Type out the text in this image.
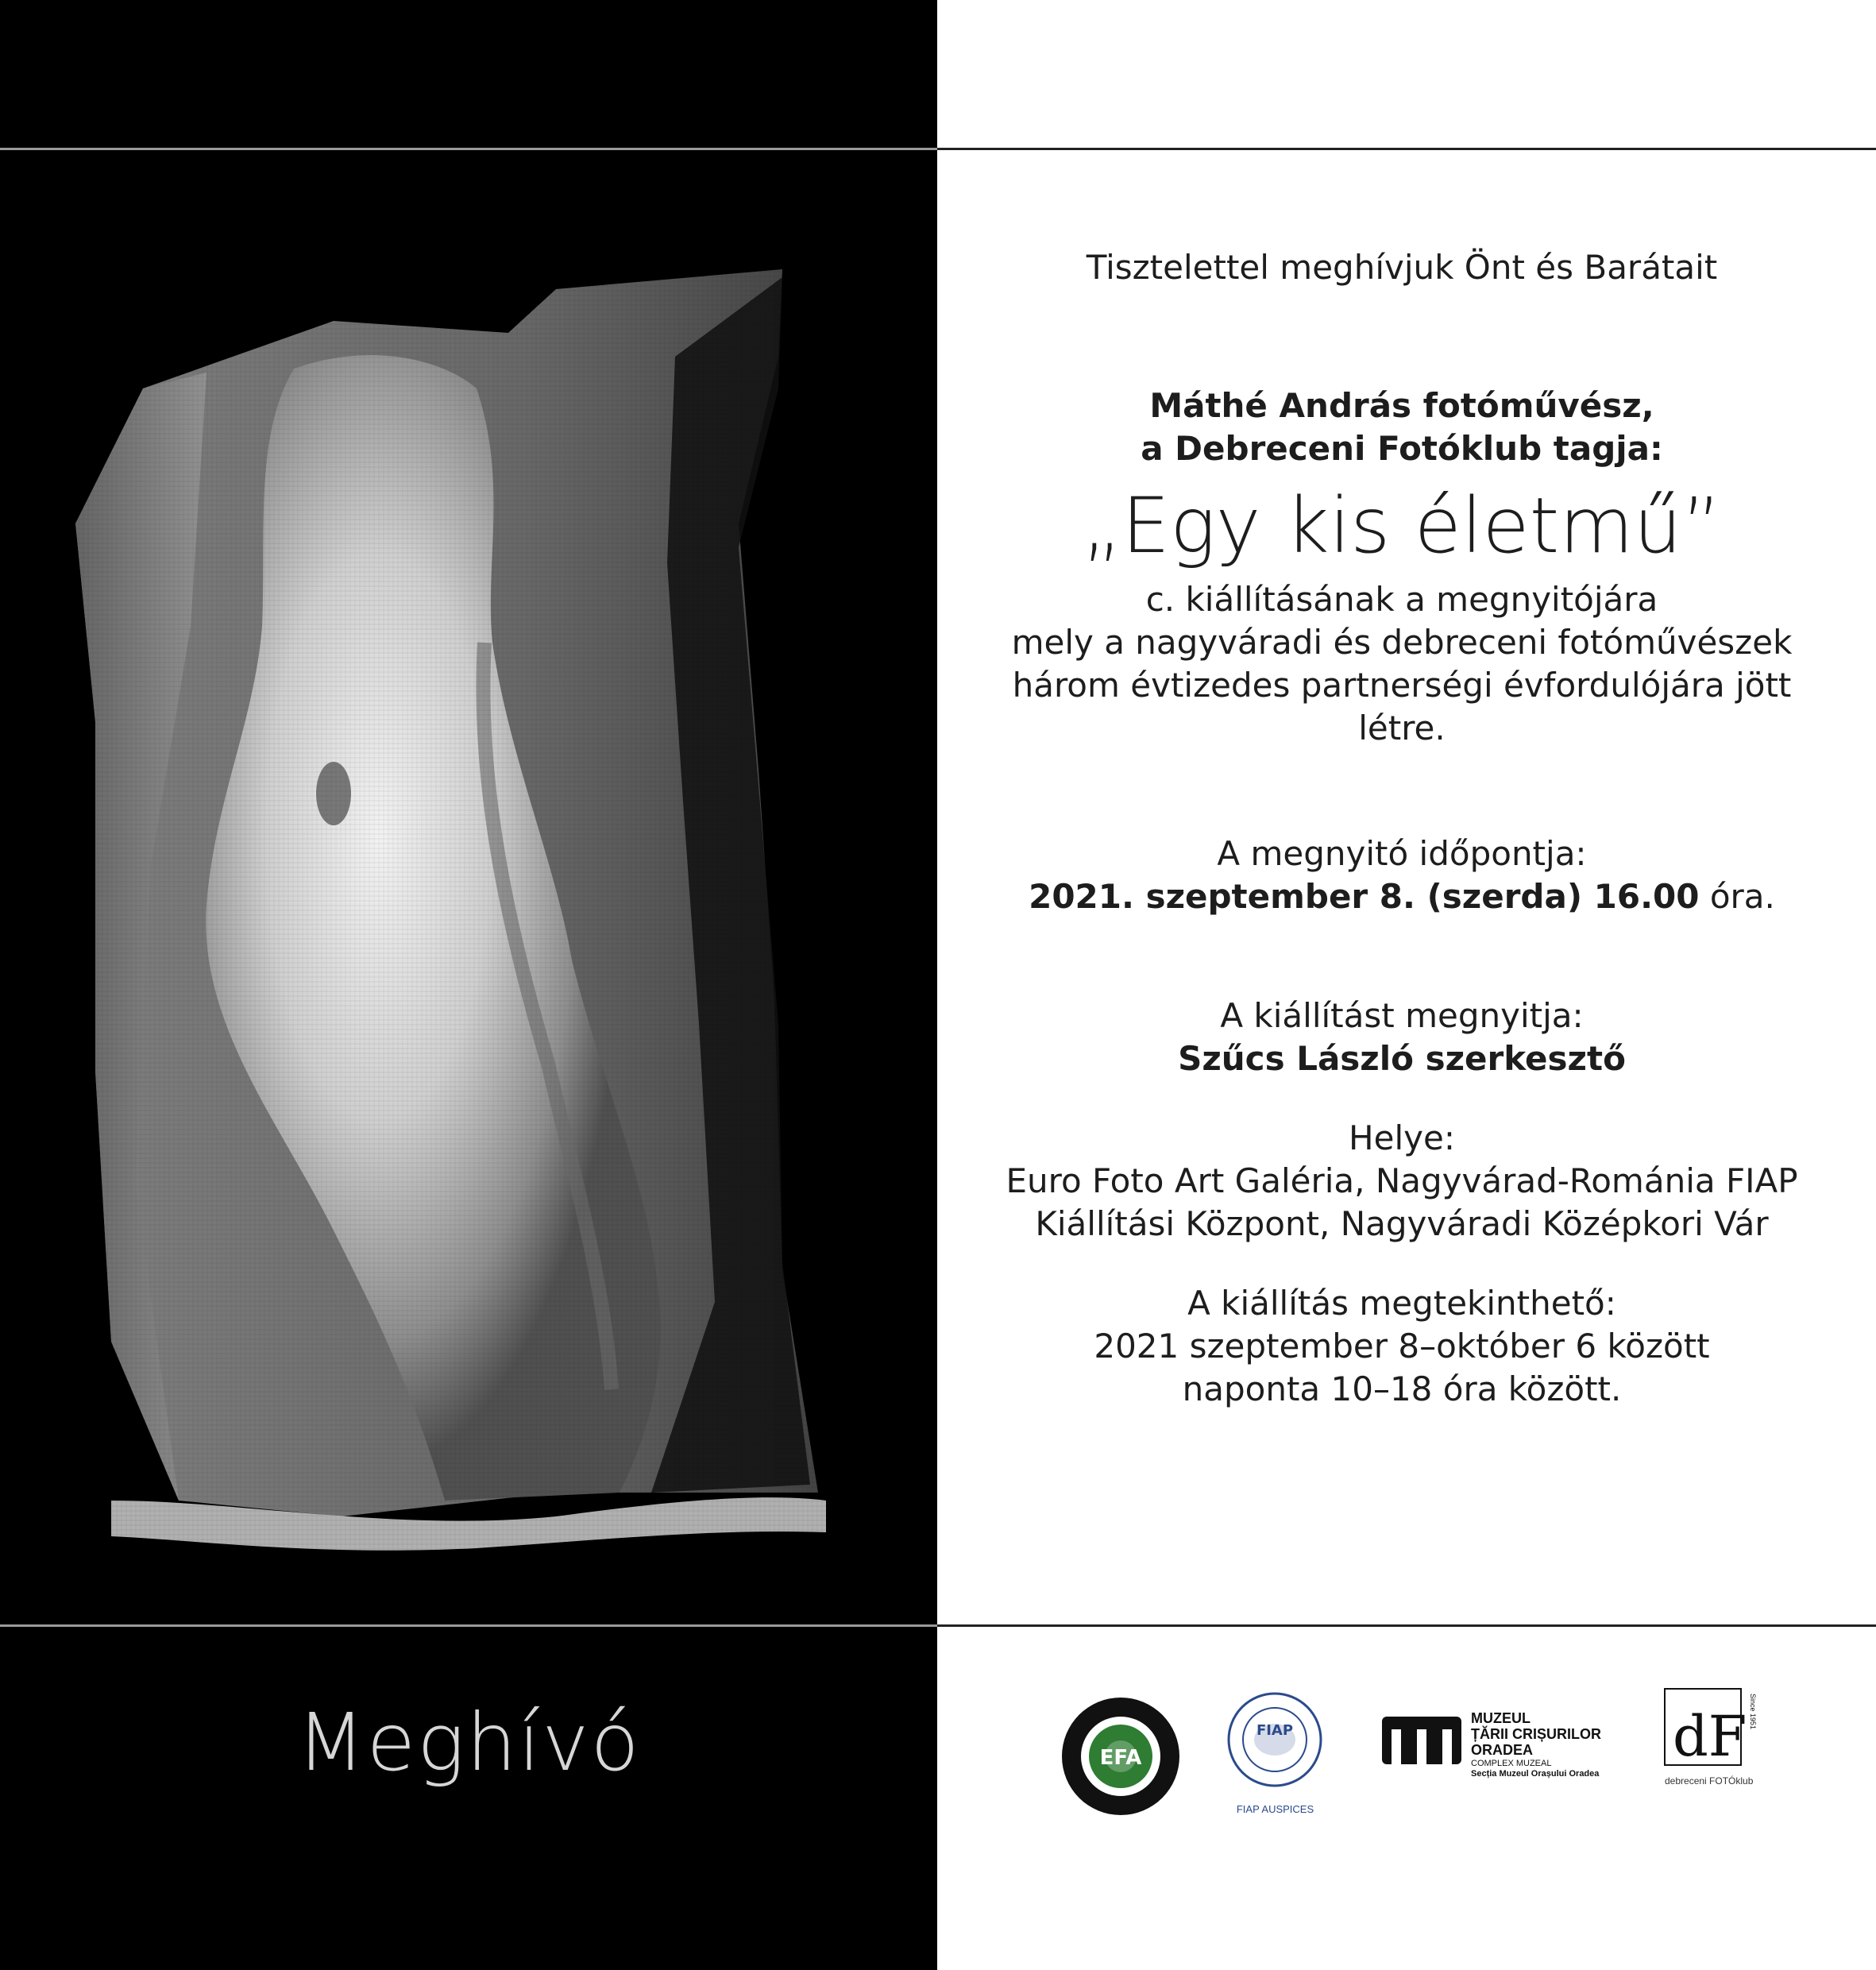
Meghívó
Tisztelettel meghívjuk Önt és Barátait
Máthé András fotóművész,
a Debreceni Fotóklub tagja:
„Egy kis életmű”
c. kiállításának a megnyitójára
mely a nagyváradi és debreceni fotóművészek
három évtizedes partnerségi évfordulójára jött
létre.
A megnyitó időpontja:
2021. szeptember 8. (szerda) 16.00 óra.
A kiállítást megnyitja:
Szűcs László szerkesztő
Helye:
Euro Foto Art Galéria, Nagyvárad-Románia FIAP
Kiállítási Központ, Nagyváradi Középkori Vár
A kiállítás megtekinthető:
2021 szeptember 8–október 6 között
naponta 10–18 óra között.
EFA
FIAP
FIAP AUSPICES
MUZEUL
ȚĂRII CRIȘURILOR
ORADEA
COMPLEX MUZEAL
Secția Muzeul Orașului Oradea
dF Since 1951
debreceni FOTÓklub
